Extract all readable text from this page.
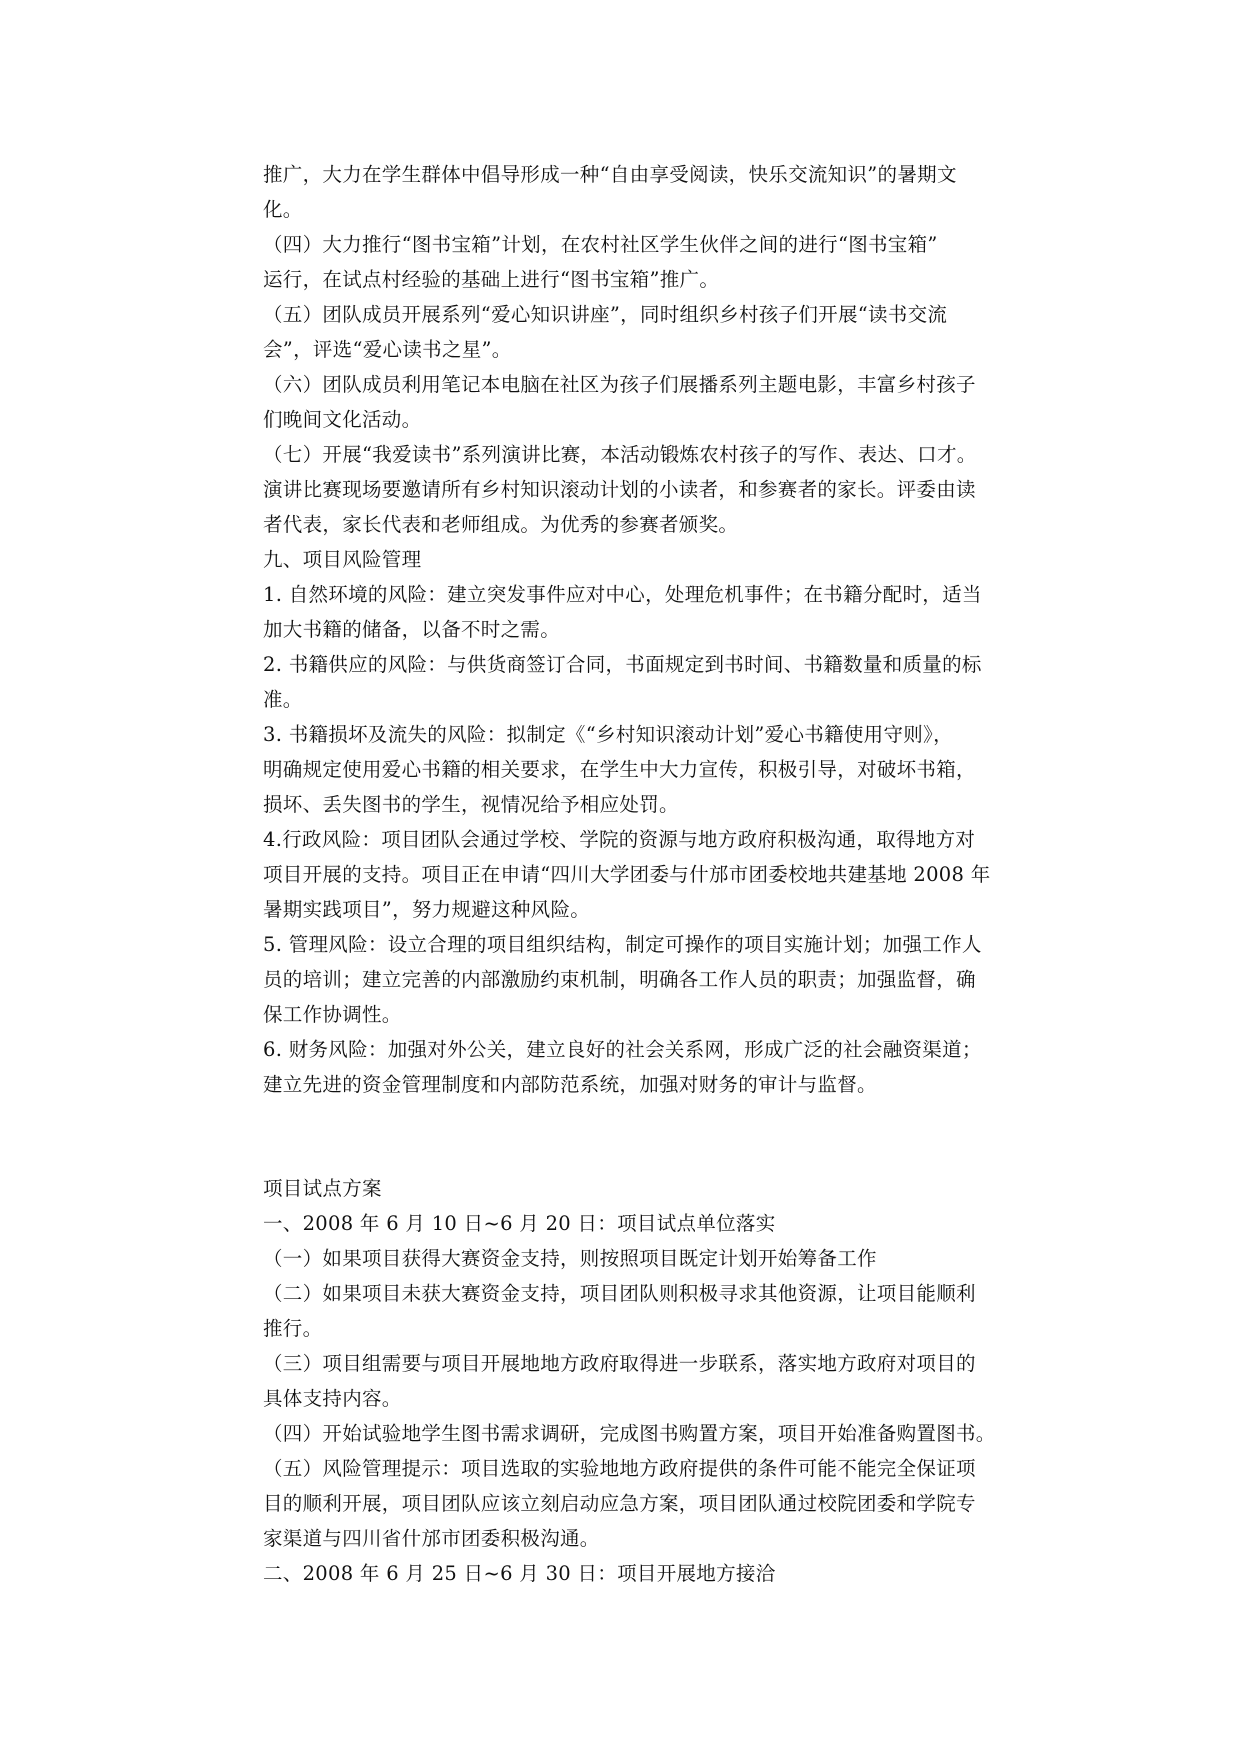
推广，大力在学生群体中倡导形成一种“自由享受阅读，快乐交流知识”的暑期文
化。
（四）大力推行“图书宝箱”计划，在农村社区学生伙伴之间的进行“图书宝箱”
运行，在试点村经验的基础上进行“图书宝箱”推广。
（五）团队成员开展系列“爱心知识讲座”，同时组织乡村孩子们开展“读书交流
会”，评选“爱心读书之星”。
（六）团队成员利用笔记本电脑在社区为孩子们展播系列主题电影，丰富乡村孩子
们晚间文化活动。
（七）开展“我爱读书”系列演讲比赛，本活动锻炼农村孩子的写作、表达、口才。
演讲比赛现场要邀请所有乡村知识滚动计划的小读者，和参赛者的家长。评委由读
者代表，家长代表和老师组成。为优秀的参赛者颁奖。
九、项目风险管理
1. 自然环境的风险：建立突发事件应对中心，处理危机事件；在书籍分配时，适当
加大书籍的储备，以备不时之需。
2. 书籍供应的风险：与供货商签订合同，书面规定到书时间、书籍数量和质量的标
准。
3. 书籍损坏及流失的风险：拟制定《“乡村知识滚动计划”爱心书籍使用守则》，
明确规定使用爱心书籍的相关要求，在学生中大力宣传，积极引导，对破坏书箱，
损坏、丢失图书的学生，视情况给予相应处罚。
4.行政风险：项目团队会通过学校、学院的资源与地方政府积极沟通，取得地方对
项目开展的支持。项目正在申请“四川大学团委与什邡市团委校地共建基地 2008 年
暑期实践项目”，努力规避这种风险。
5. 管理风险：设立合理的项目组织结构，制定可操作的项目实施计划；加强工作人
员的培训；建立完善的内部激励约束机制，明确各工作人员的职责；加强监督，确
保工作协调性。
6. 财务风险：加强对外公关，建立良好的社会关系网，形成广泛的社会融资渠道；
建立先进的资金管理制度和内部防范系统，加强对财务的审计与监督。
项目试点方案
一、2008 年 6 月 10 日~6 月 20 日：项目试点单位落实
（一）如果项目获得大赛资金支持，则按照项目既定计划开始筹备工作
（二）如果项目未获大赛资金支持，项目团队则积极寻求其他资源，让项目能顺利
推行。
（三）项目组需要与项目开展地地方政府取得进一步联系，落实地方政府对项目的
具体支持内容。
（四）开始试验地学生图书需求调研，完成图书购置方案，项目开始准备购置图书。
（五）风险管理提示：项目选取的实验地地方政府提供的条件可能不能完全保证项
目的顺利开展，项目团队应该立刻启动应急方案，项目团队通过校院团委和学院专
家渠道与四川省什邡市团委积极沟通。
二、2008 年 6 月 25 日~6 月 30 日：项目开展地方接洽
